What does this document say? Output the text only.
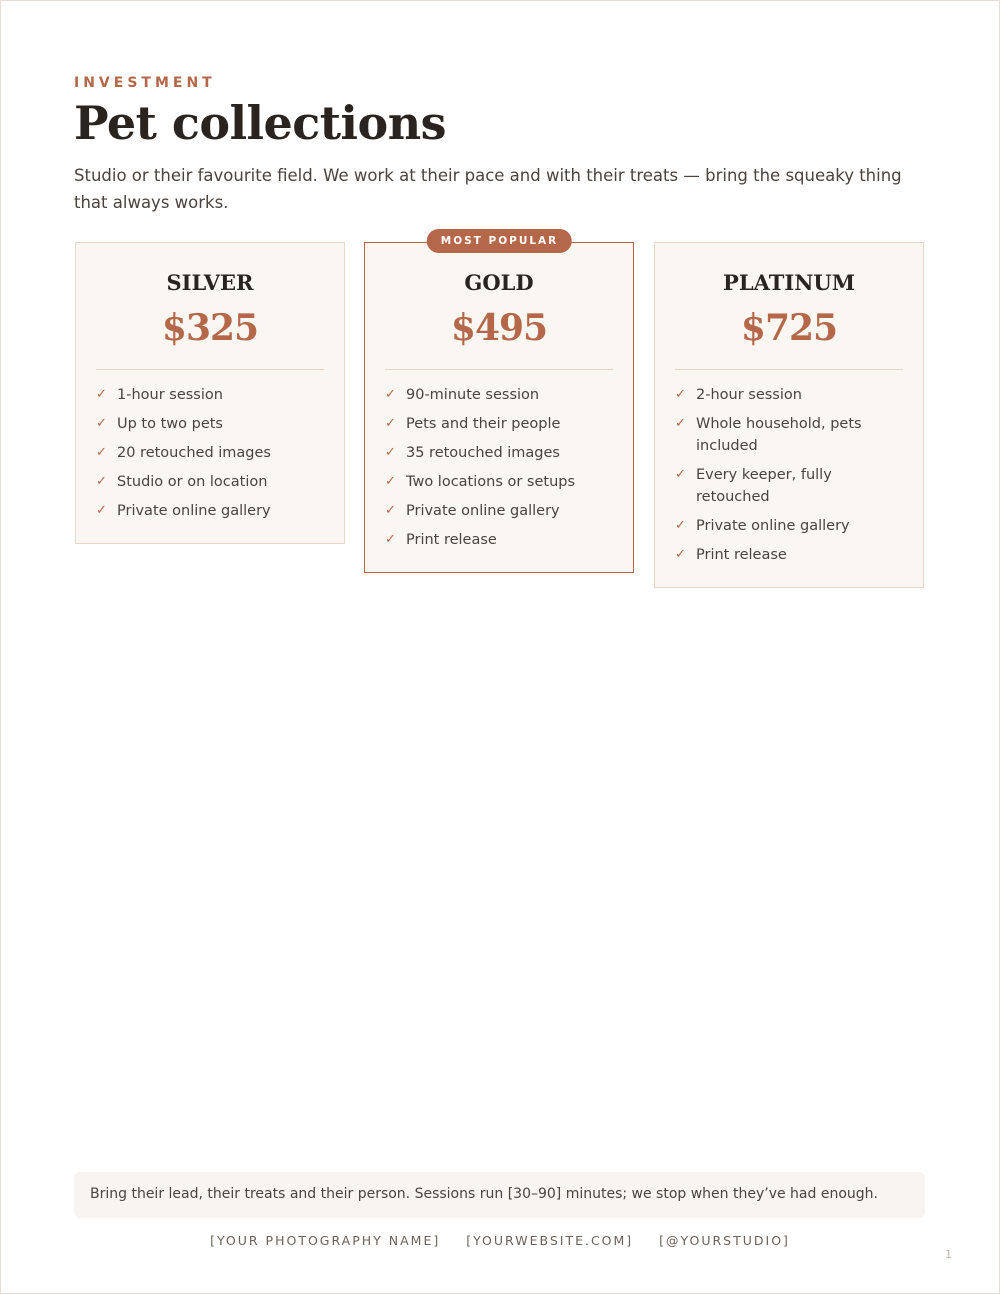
INVESTMENT
Pet collections
Studio or their favourite field. We work at their pace and with their treats — bring the squeaky thing that always works.
SILVER
$325
✓ 1-hour session
✓ Up to two pets
✓ 20 retouched images
✓ Studio or on location
✓ Private online gallery
MOST POPULAR
GOLD
$495
✓ 90-minute session
✓ Pets and their people
✓ 35 retouched images
✓ Two locations or setups
✓ Private online gallery
✓ Print release
PLATINUM
$725
✓ 2-hour session
✓ Whole household, pets included
✓ Every keeper, fully retouched
✓ Private online gallery
✓ Print release
Bring their lead, their treats and their person. Sessions run [30–90] minutes; we stop when they’ve had enough.
[YOUR PHOTOGRAPHY NAME] [YOURWEBSITE.COM] [@YOURSTUDIO]
1
